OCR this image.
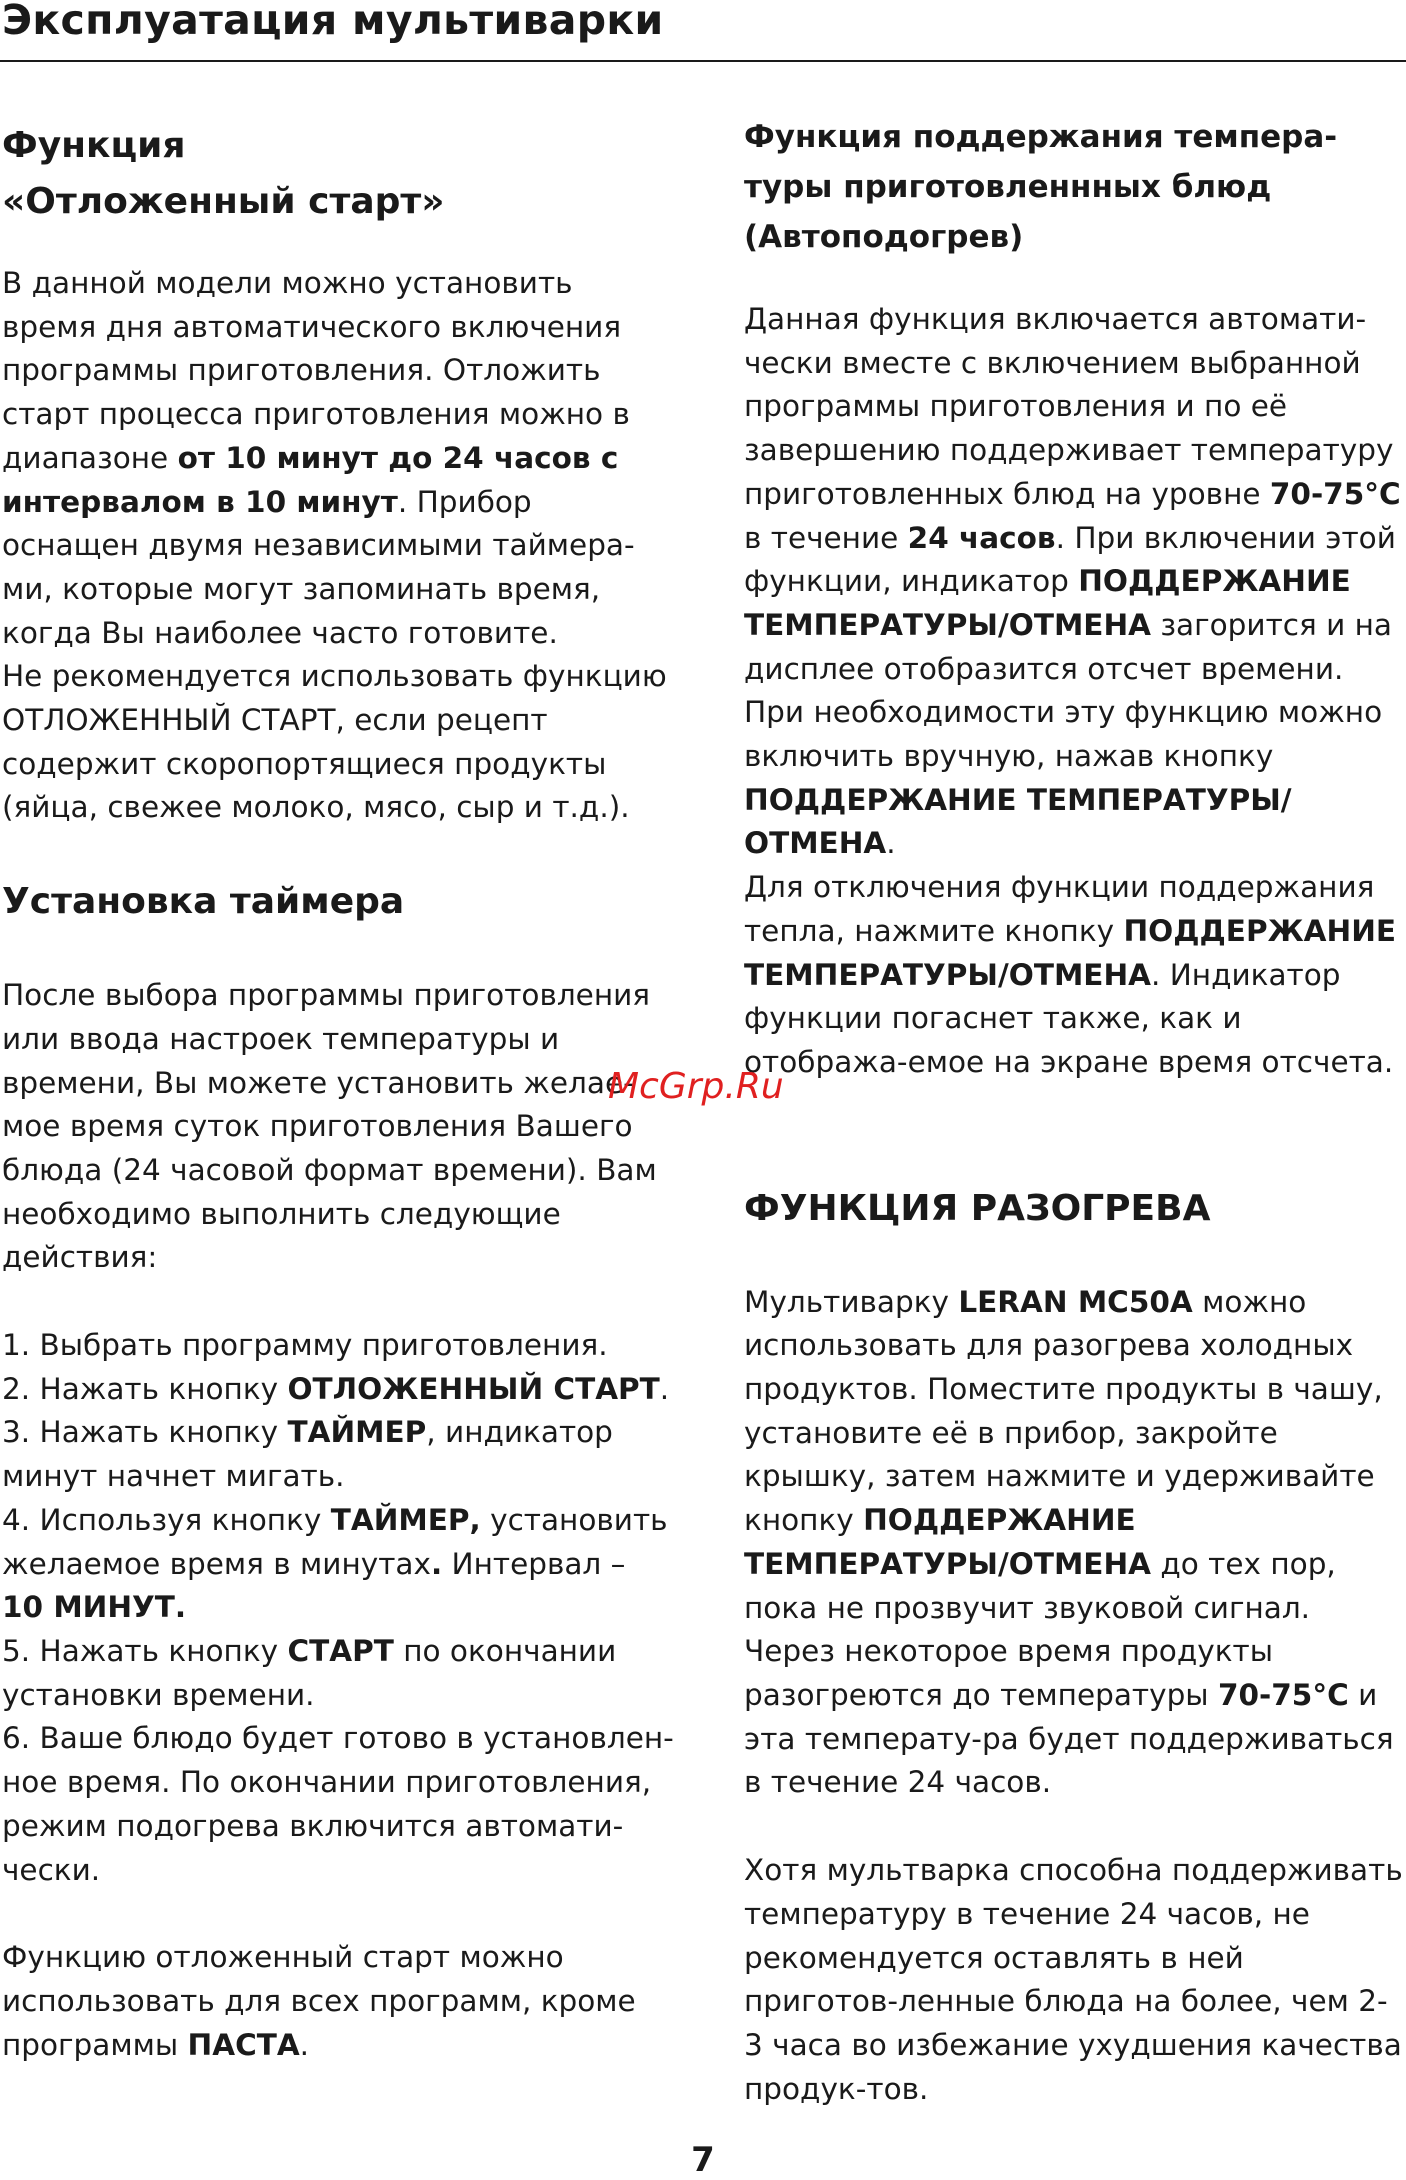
Эксплуатация мультиварки
Функция
«Отложенный старт»

В данной модели можно установить время дня автоматического включения программы приготовления. Отложить старт процесса приготовления можно в диапазоне от 10 минут до 24 часов с интервалом в 10 минут. Прибор оснащен двумя независимыми таймера-ми, которые могут запоминать время, когда Вы наиболее часто готовите.

Не рекомендуется использовать функцию ОТЛОЖЕННЫЙ СТАРТ, если рецепт содержит скоропортящиеся продукты (яйца, свежее молоко, мясо, сыр и т.д.).

Установка таймера

После выбора программы приготовления или ввода настроек температуры и времени, Вы можете установить желае-мое время суток приготовления Вашего блюда (24 часовой формат времени). Вам необходимо выполнить следующие действия:

1. Выбрать программу приготовления.
2. Нажать кнопку ОТЛОЖЕННЫЙ СТАРТ.
3. Нажать кнопку ТАЙМЕР, индикатор минут начнет мигать.
4. Используя кнопку ТАЙМЕР, установить желаемое время в минутах. Интервал – 10 МИНУТ.
5. Нажать кнопку СТАРТ по окончании установки времени.
6. Ваше блюдо будет готово в установлен-ное время. По окончании приготовления, режим подогрева включится автомати-чески.

Функцию отложенный старт можно использовать для всех программ, кроме программы ПАСТА.

Функция поддержания темпера-
туры приготовленнных блюд
(Автоподогрев)

Данная функция включается автомати-чески вместе с включением выбранной программы приготовления и по её завершению поддерживает температуру приготовленных блюд на уровне 70-75°С в течение 24 часов. При включении этой функции, индикатор ПОДДЕРЖАНИЕ ТЕМПЕРАТУРЫ/ОТМЕНА загорится и на дисплее отобразится отсчет времени.

При необходимости эту функцию можно включить вручную, нажав кнопку ПОДДЕРЖАНИЕ ТЕМПЕРАТУРЫ/ОТМЕНА.

Для отключения функции поддержания тепла, нажмите кнопку ПОДДЕРЖАНИЕ ТЕМПЕРАТУРЫ/ОТМЕНА. Индикатор функции погаснет также, как и отобража-емое на экране время отсчета.

ФУНКЦИЯ РАЗОГРЕВА

Мультиварку LERAN MC50A можно использовать для разогрева холодных продуктов. Поместите продукты в чашу, установите её в прибор, закройте крышку, затем нажмите и удерживайте кнопку ПОДДЕРЖАНИЕ ТЕМПЕРАТУРЫ/ОТМЕНА до тех пор, пока не прозвучит звуковой сигнал. Через некоторое время продукты разогреются до температуры 70-75°С и эта температу-ра будет поддерживаться в течение 24 часов.

Хотя мультварка способна поддерживать температуру в течение 24 часов, не рекомендуется оставлять в ней приготов-ленные блюда на более, чем 2-3 часа во избежание ухудшения качества продук-тов.

McGrp.Ru
7
